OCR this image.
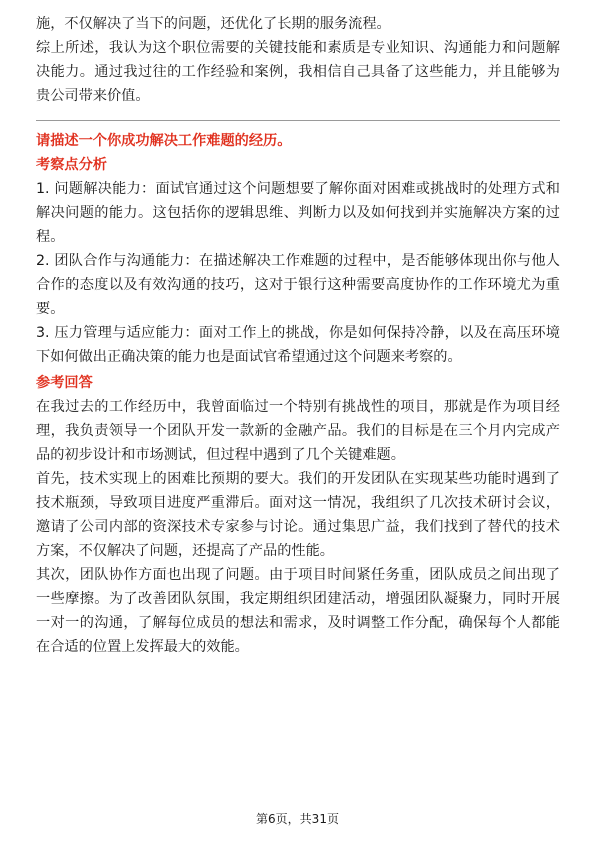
施，不仅解决了当下的问题，还优化了长期的服务流程。

综上所述，我认为这个职位需要的关键技能和素质是专业知识、沟通能力和问题解决能力。通过我过往的工作经验和案例，我相信自己具备了这些能力，并且能够为贵公司带来价值。

请描述一个你成功解决工作难题的经历。

考察点分析

1. 问题解决能力：面试官通过这个问题想要了解你面对困难或挑战时的处理方式和解决问题的能力。这包括你的逻辑思维、判断力以及如何找到并实施解决方案的过程。

2. 团队合作与沟通能力：在描述解决工作难题的过程中，是否能够体现出你与他人合作的态度以及有效沟通的技巧，这对于银行这种需要高度协作的工作环境尤为重要。

3. 压力管理与适应能力：面对工作上的挑战，你是如何保持冷静，以及在高压环境下如何做出正确决策的能力也是面试官希望通过这个问题来考察的。

参考回答

在我过去的工作经历中，我曾面临过一个特别有挑战性的项目，那就是作为项目经理，我负责领导一个团队开发一款新的金融产品。我们的目标是在三个月内完成产品的初步设计和市场测试，但过程中遇到了几个关键难题。

首先，技术实现上的困难比预期的要大。我们的开发团队在实现某些功能时遇到了技术瓶颈，导致项目进度严重滞后。面对这一情况，我组织了几次技术研讨会议，邀请了公司内部的资深技术专家参与讨论。通过集思广益，我们找到了替代的技术方案，不仅解决了问题，还提高了产品的性能。

其次，团队协作方面也出现了问题。由于项目时间紧任务重，团队成员之间出现了一些摩擦。为了改善团队氛围，我定期组织团建活动，增强团队凝聚力，同时开展一对一的沟通，了解每位成员的想法和需求，及时调整工作分配，确保每个人都能在合适的位置上发挥最大的效能。

第6页，共31页
